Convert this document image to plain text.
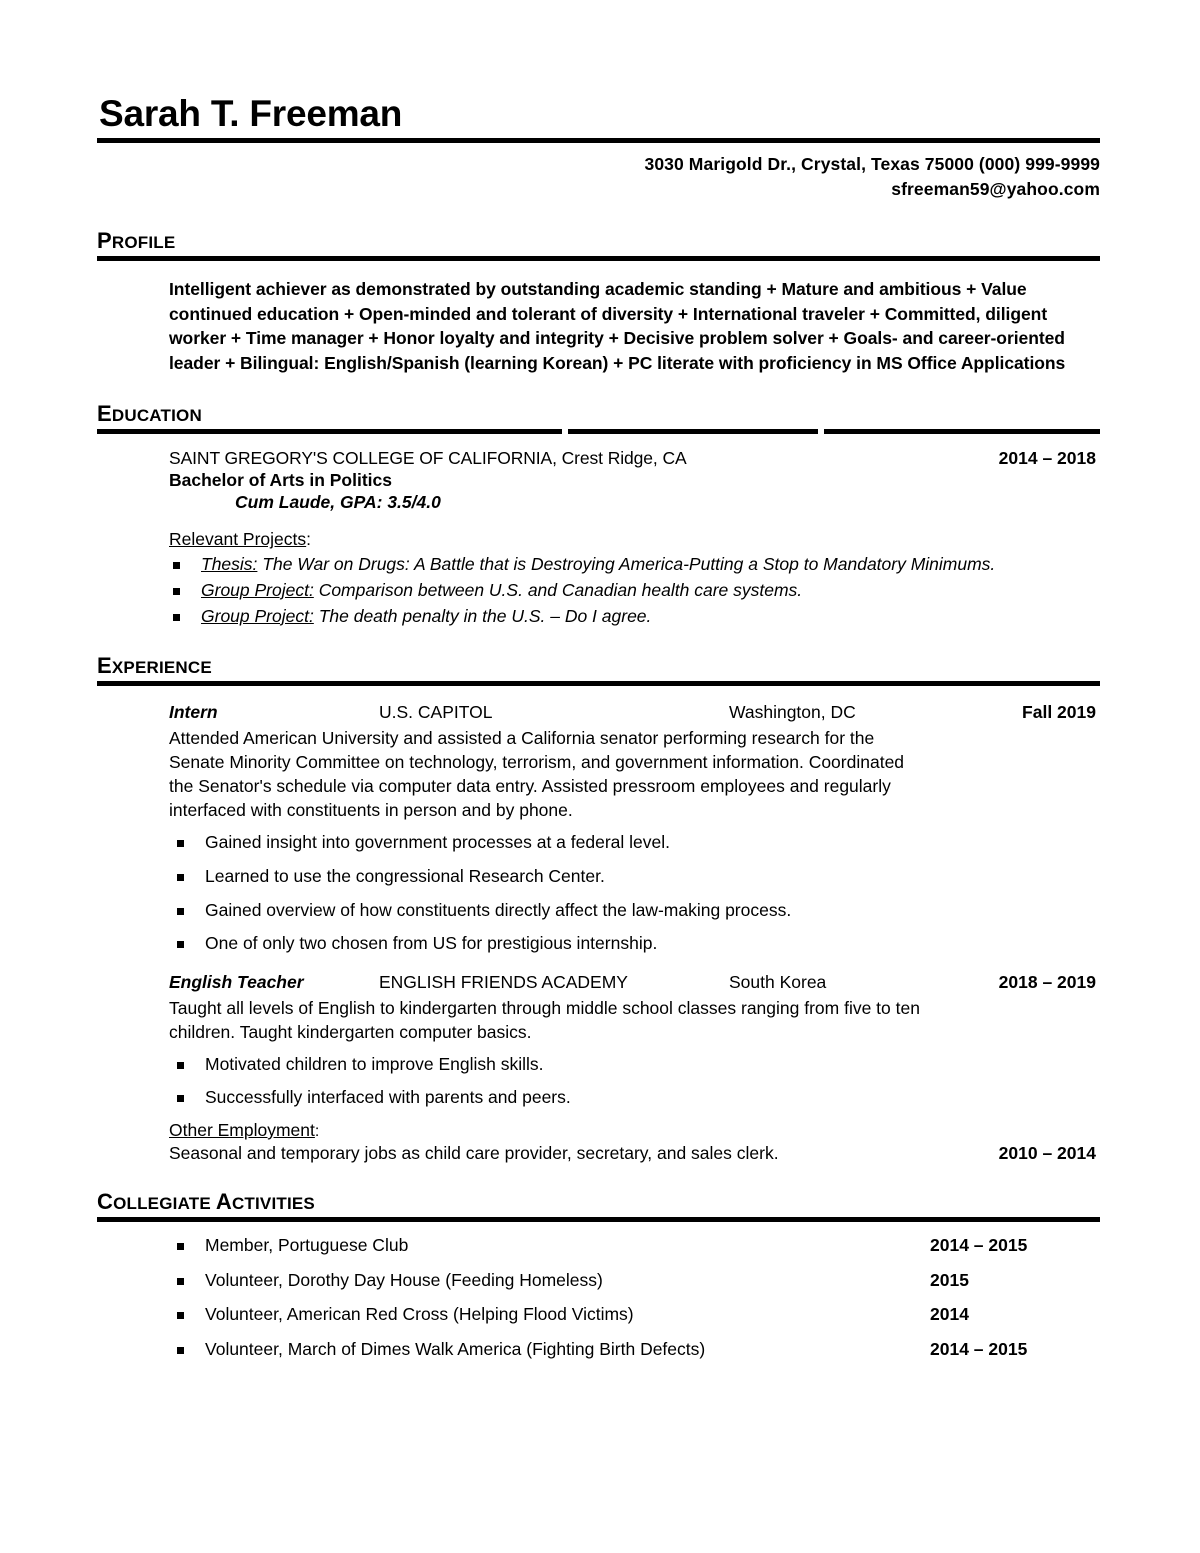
Sarah T. Freeman
3030 Marigold Dr., Crystal, Texas 75000 (000) 999-9999
sfreeman59@yahoo.com
PROFILE
Intelligent achiever as demonstrated by outstanding academic standing + Mature and ambitious + Value continued education + Open-minded and tolerant of diversity + International traveler + Committed, diligent worker + Time manager + Honor loyalty and integrity + Decisive problem solver + Goals- and career-oriented leader + Bilingual: English/Spanish (learning Korean) + PC literate with proficiency in MS Office Applications
EDUCATION
SAINT GREGORY'S COLLEGE OF CALIFORNIA, Crest Ridge, CA	2014 – 2018
Bachelor of Arts in Politics
Cum Laude, GPA: 3.5/4.0
Relevant Projects:
Thesis: The War on Drugs: A Battle that is Destroying America-Putting a Stop to Mandatory Minimums.
Group Project: Comparison between U.S. and Canadian health care systems.
Group Project: The death penalty in the U.S. – Do I agree.
EXPERIENCE
Intern	U.S. CAPITOL	Washington, DC	Fall 2019
Attended American University and assisted a California senator performing research for the Senate Minority Committee on technology, terrorism, and government information. Coordinated the Senator's schedule via computer data entry. Assisted pressroom employees and regularly interfaced with constituents in person and by phone.
Gained insight into government processes at a federal level.
Learned to use the congressional Research Center.
Gained overview of how constituents directly affect the law-making process.
One of only two chosen from US for prestigious internship.
English Teacher	ENGLISH FRIENDS ACADEMY	South Korea	2018 – 2019
Taught all levels of English to kindergarten through middle school classes ranging from five to ten children. Taught kindergarten computer basics.
Motivated children to improve English skills.
Successfully interfaced with parents and peers.
Other Employment:
Seasonal and temporary jobs as child care provider, secretary, and sales clerk.	2010 – 2014
COLLEGIATE ACTIVITIES
Member, Portuguese Club	2014 – 2015
Volunteer, Dorothy Day House (Feeding Homeless)	2015
Volunteer, American Red Cross (Helping Flood Victims)	2014
Volunteer, March of Dimes Walk America (Fighting Birth Defects)	2014 – 2015
